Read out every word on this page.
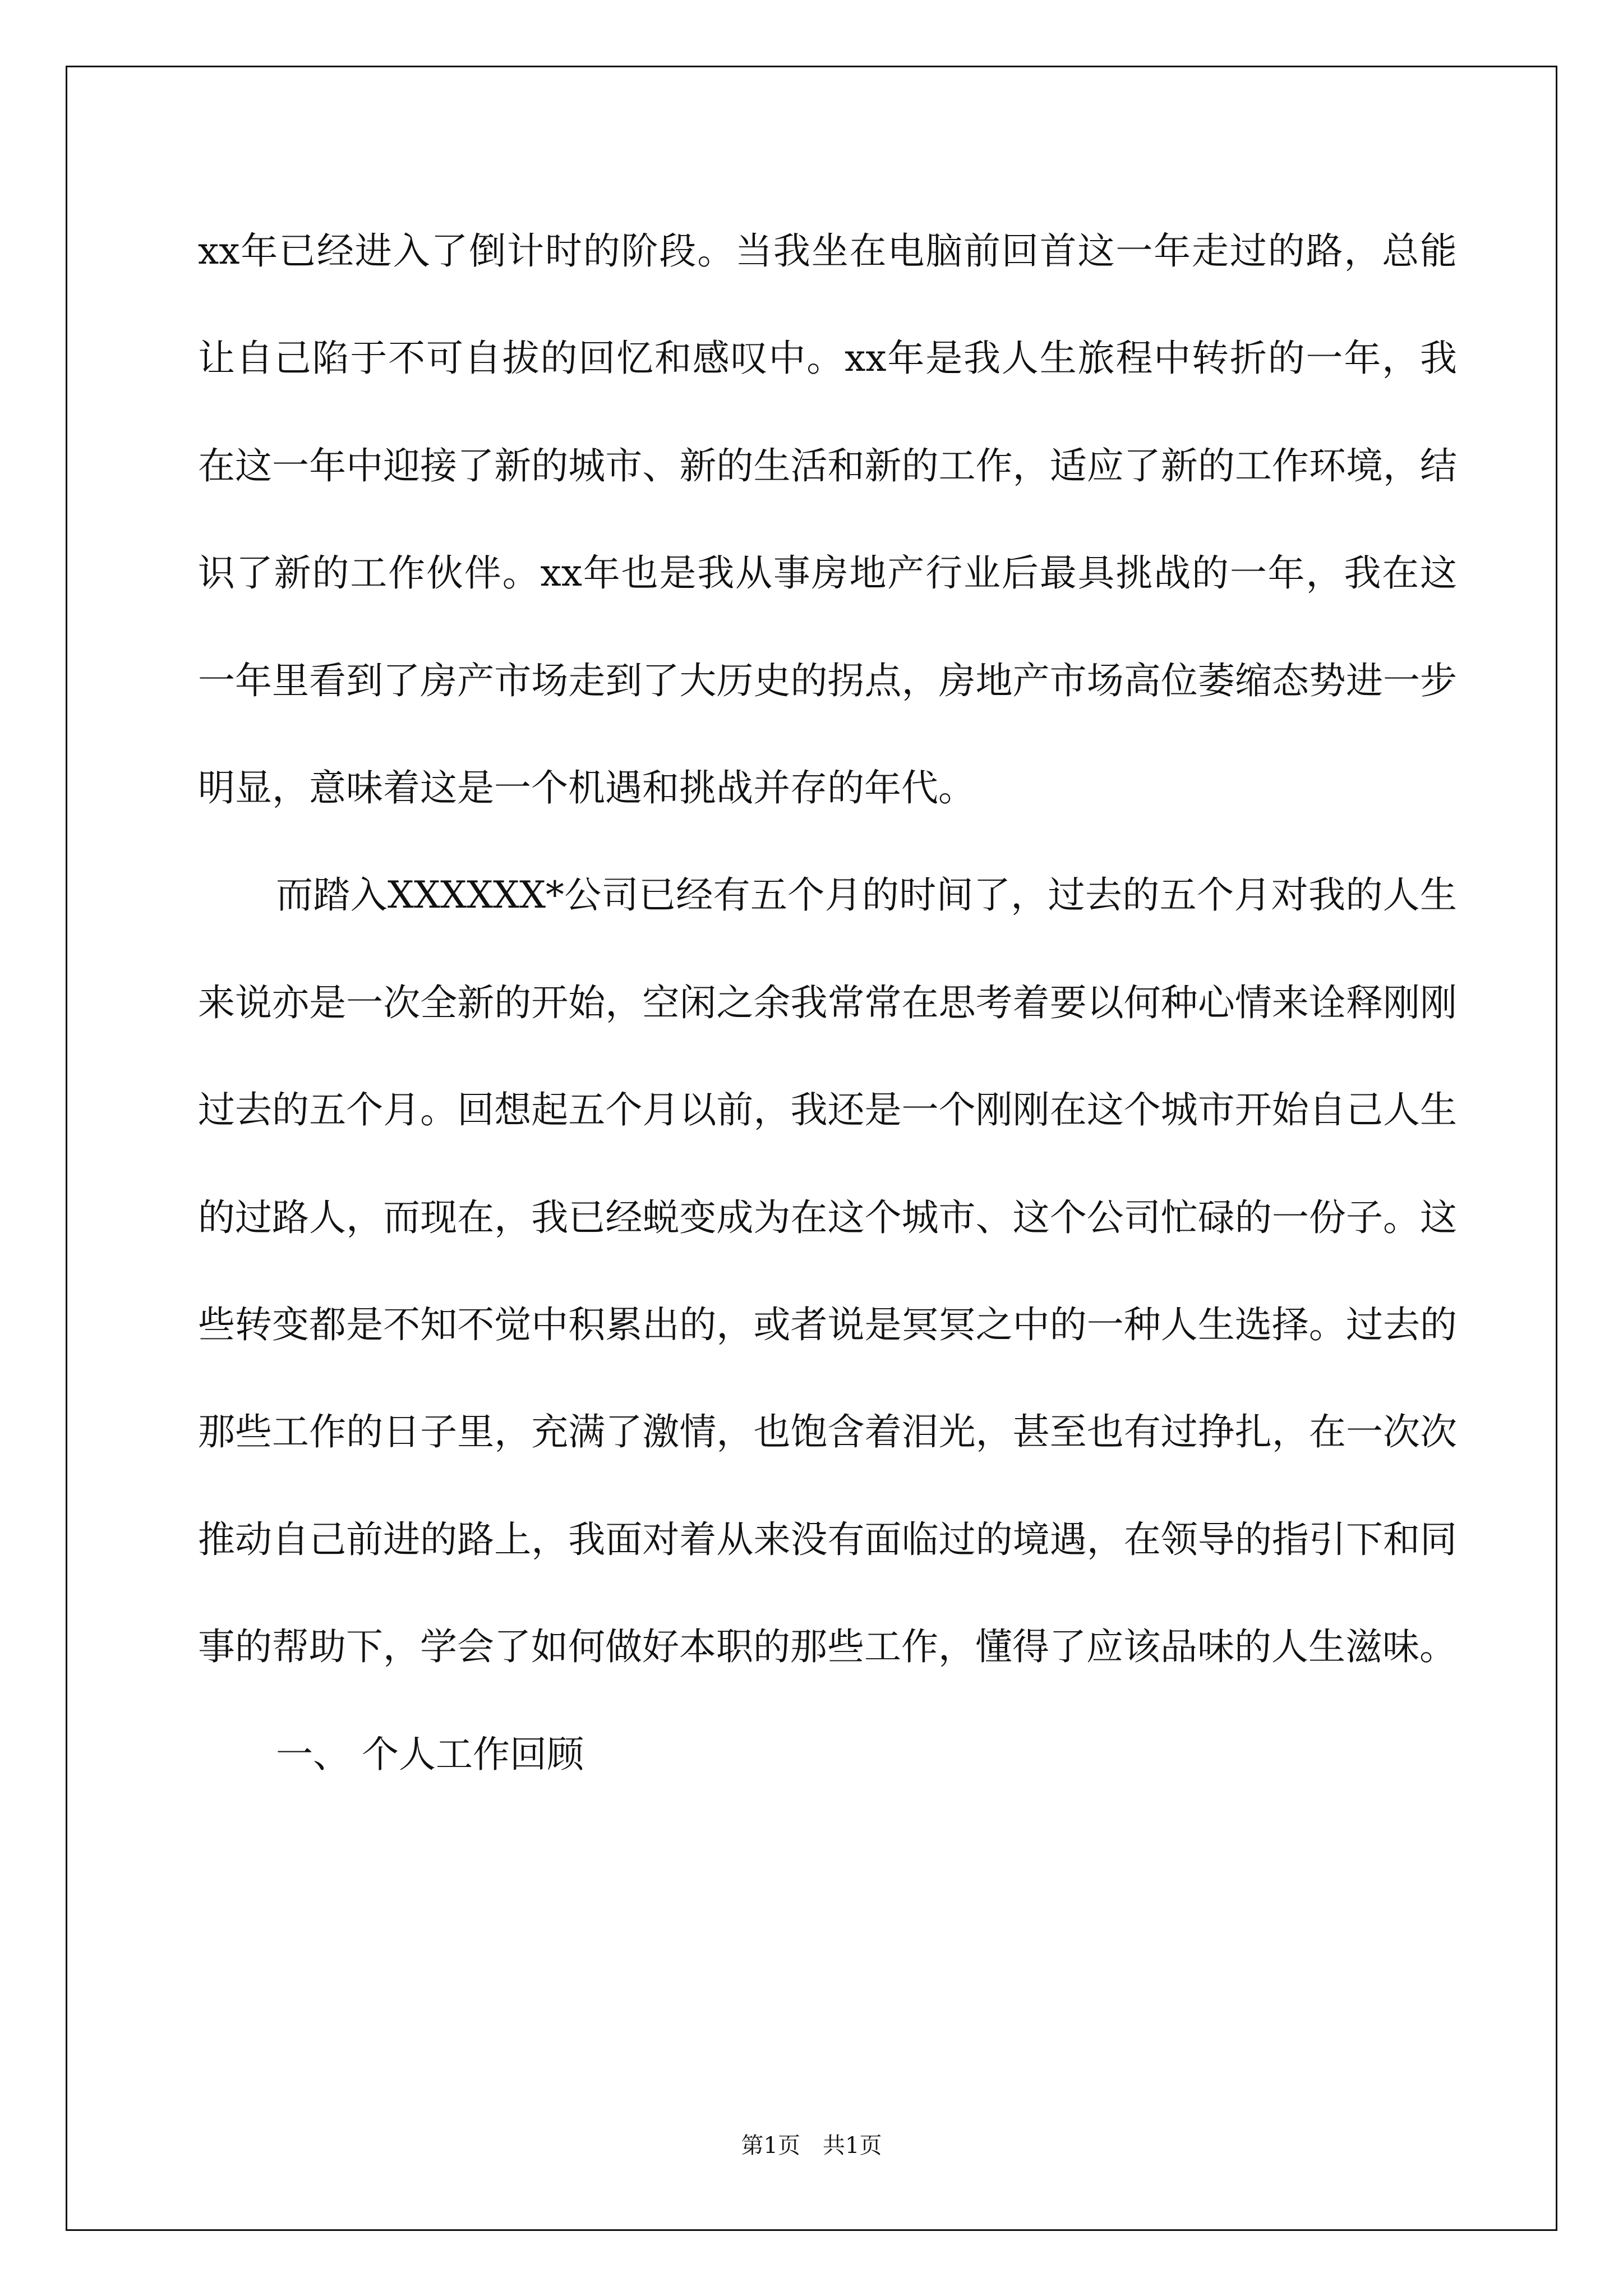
xx年已经进入了倒计时的阶段。当我坐在电脑前回首这一年走过的路，总能让自己陷于不可自拔的回忆和感叹中。xx年是我人生旅程中转折的一年，我在这一年中迎接了新的城市、新的生活和新的工作，适应了新的工作环境，结识了新的工作伙伴。xx年也是我从事房地产行业后最具挑战的一年，我在这一年里看到了房产市场走到了大历史的拐点，房地产市场高位萎缩态势进一步明显，意味着这是一个机遇和挑战并存的年代。

而踏入XXXXXX*公司已经有五个月的时间了，过去的五个月对我的人生来说亦是一次全新的开始，空闲之余我常常在思考着要以何种心情来诠释刚刚过去的五个月。回想起五个月以前，我还是一个刚刚在这个城市开始自己人生的过路人，而现在，我已经蜕变成为在这个城市、这个公司忙碌的一份子。这些转变都是不知不觉中积累出的，或者说是冥冥之中的一种人生选择。过去的那些工作的日子里，充满了激情，也饱含着泪光，甚至也有过挣扎，在一次次推动自己前进的路上，我面对着从来没有面临过的境遇，在领导的指引下和同事的帮助下，学会了如何做好本职的那些工作，懂得了应该品味的人生滋味。

一、 个人工作回顾

第1页 共1页
